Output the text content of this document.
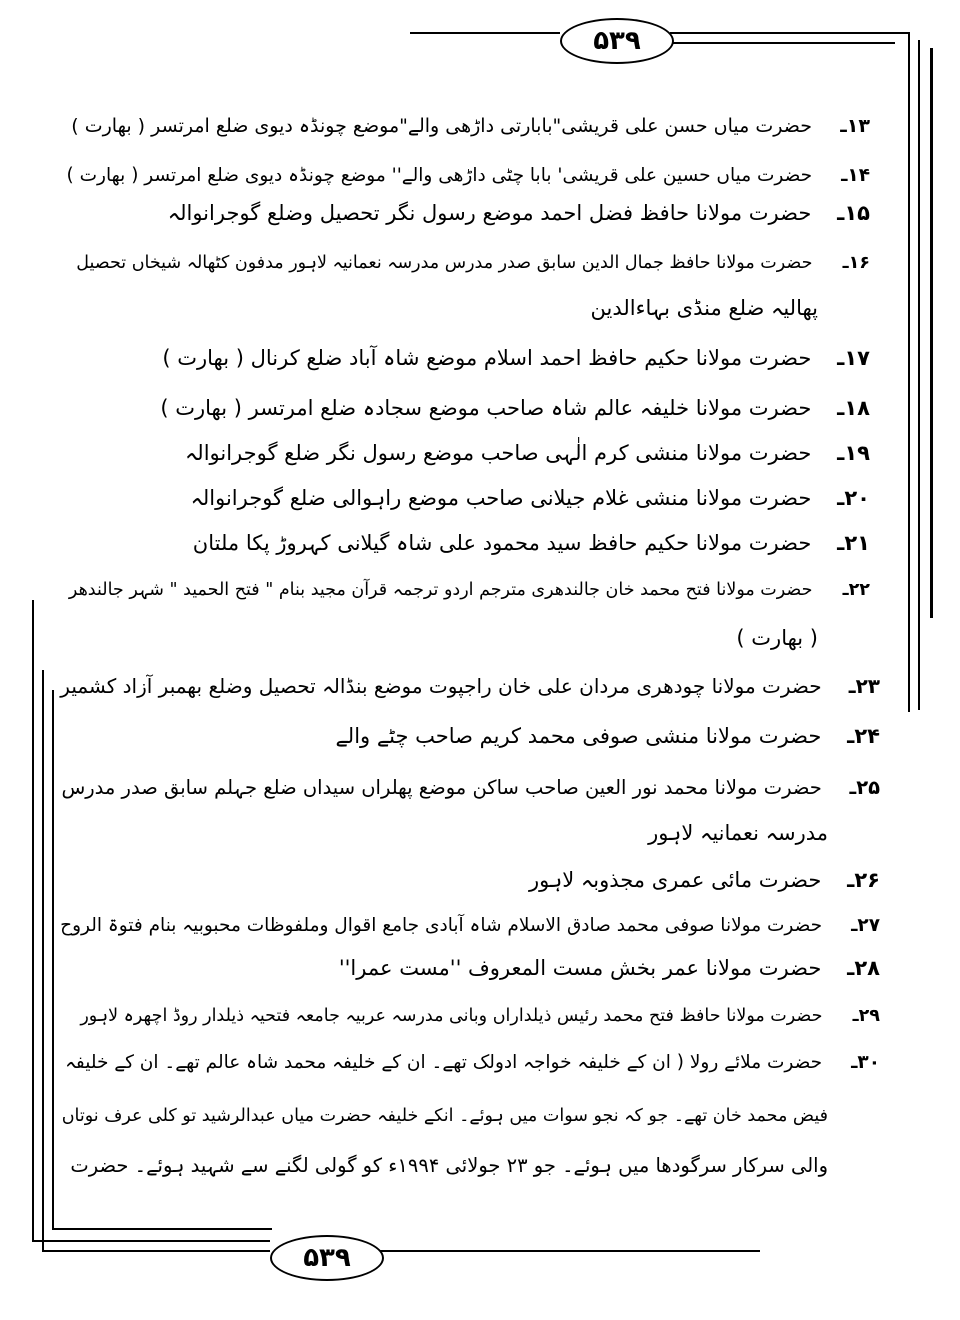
۵۳۹
۵۳۹
۱۳ـ حضرت میاں حسن علی قریشی"بابارتی داڑھی والے"موضع چونڈہ دیوی ضلع امرتسر ( بھارت )
۱۴ـ حضرت میاں حسین علی قریشی' بابا چٹی داڑھی والے'' موضع چونڈہ دیوی ضلع امرتسر ( بھارت )
۱۵ـ حضرت مولانا حافظ فضل احمد موضع رسول نگر تحصیل وضلع گوجرانوالہ
۱۶ـ حضرت مولانا حافظ جمال الدین سابق صدر مدرس مدرسہ نعمانیہ لاہور مدفون کٹھالہ شیخاں تحصیل
پھالیہ ضلع منڈی بہاءالدین
۱۷ـ حضرت مولانا حکیم حافظ احمد اسلام موضع شاہ آباد ضلع کرنال ( بھارت )
۱۸ـ حضرت مولانا خلیفہ عالم شاہ صاحب موضع سجادہ ضلع امرتسر ( بھارت )
۱۹ـ حضرت مولانا منشی کرم الٰہی صاحب موضع رسول نگر ضلع گوجرانوالہ
۲۰ـ حضرت مولانا منشی غلام جیلانی صاحب موضع راہوالی ضلع گوجرانوالہ
۲۱ـ حضرت مولانا حکیم حافظ سید محمود علی شاہ گیلانی کہروڑ پکا ملتان
۲۲ـ حضرت مولانا فتح محمد خان جالندھری مترجم اردو ترجمہ قرآن مجید بنام " فتح الحمید " شہر جالندھر
( بھارت )
۲۳ـ حضرت مولانا چودھری مردان علی خان راجپوت موضع بنڈالہ تحصیل وضلع بھمبر آزاد کشمیر
۲۴ـ حضرت مولانا منشی صوفی محمد کریم صاحب چٹے والے
۲۵ـ حضرت مولانا محمد نور العین صاحب ساکن موضع پھلراں سیداں ضلع جہلم سابق صدر مدرس
مدرسہ نعمانیہ لاہور
۲۶ـ حضرت مائی عمری مجذوبہ لاہور
۲۷ـ حضرت مولانا صوفی محمد صادق الاسلام شاہ آبادی جامع اقوال وملفوظات محبوبیہ بنام فتوۃ الروح
۲۸ـ حضرت مولانا عمر بخش مست المعروف ''مست عمرا''
۲۹ـ حضرت مولانا حافظ فتح محمد رئیس ذیلداراں وبانی مدرسہ عربیہ جامعہ فتحیہ ذیلدار روڈ اچھرہ لاہور
۳۰ـ حضرت ملائے رولا ( ان کے خلیفہ خواجہ ادولک تھے۔ ان کے خلیفہ محمد شاہ عالم تھے۔ ان کے خلیفہ
فیض محمد خان تھے۔ جو کہ نجو سوات میں ہوئے۔ انکے خلیفہ حضرت میاں عبدالرشید تو کلی عرف نوتاں
والی سرکار سرگودھا میں ہوئے۔ جو ۲۳ جولائی ۱۹۹۴ء کو گولی لگنے سے شہید ہوئے۔ حضرت
